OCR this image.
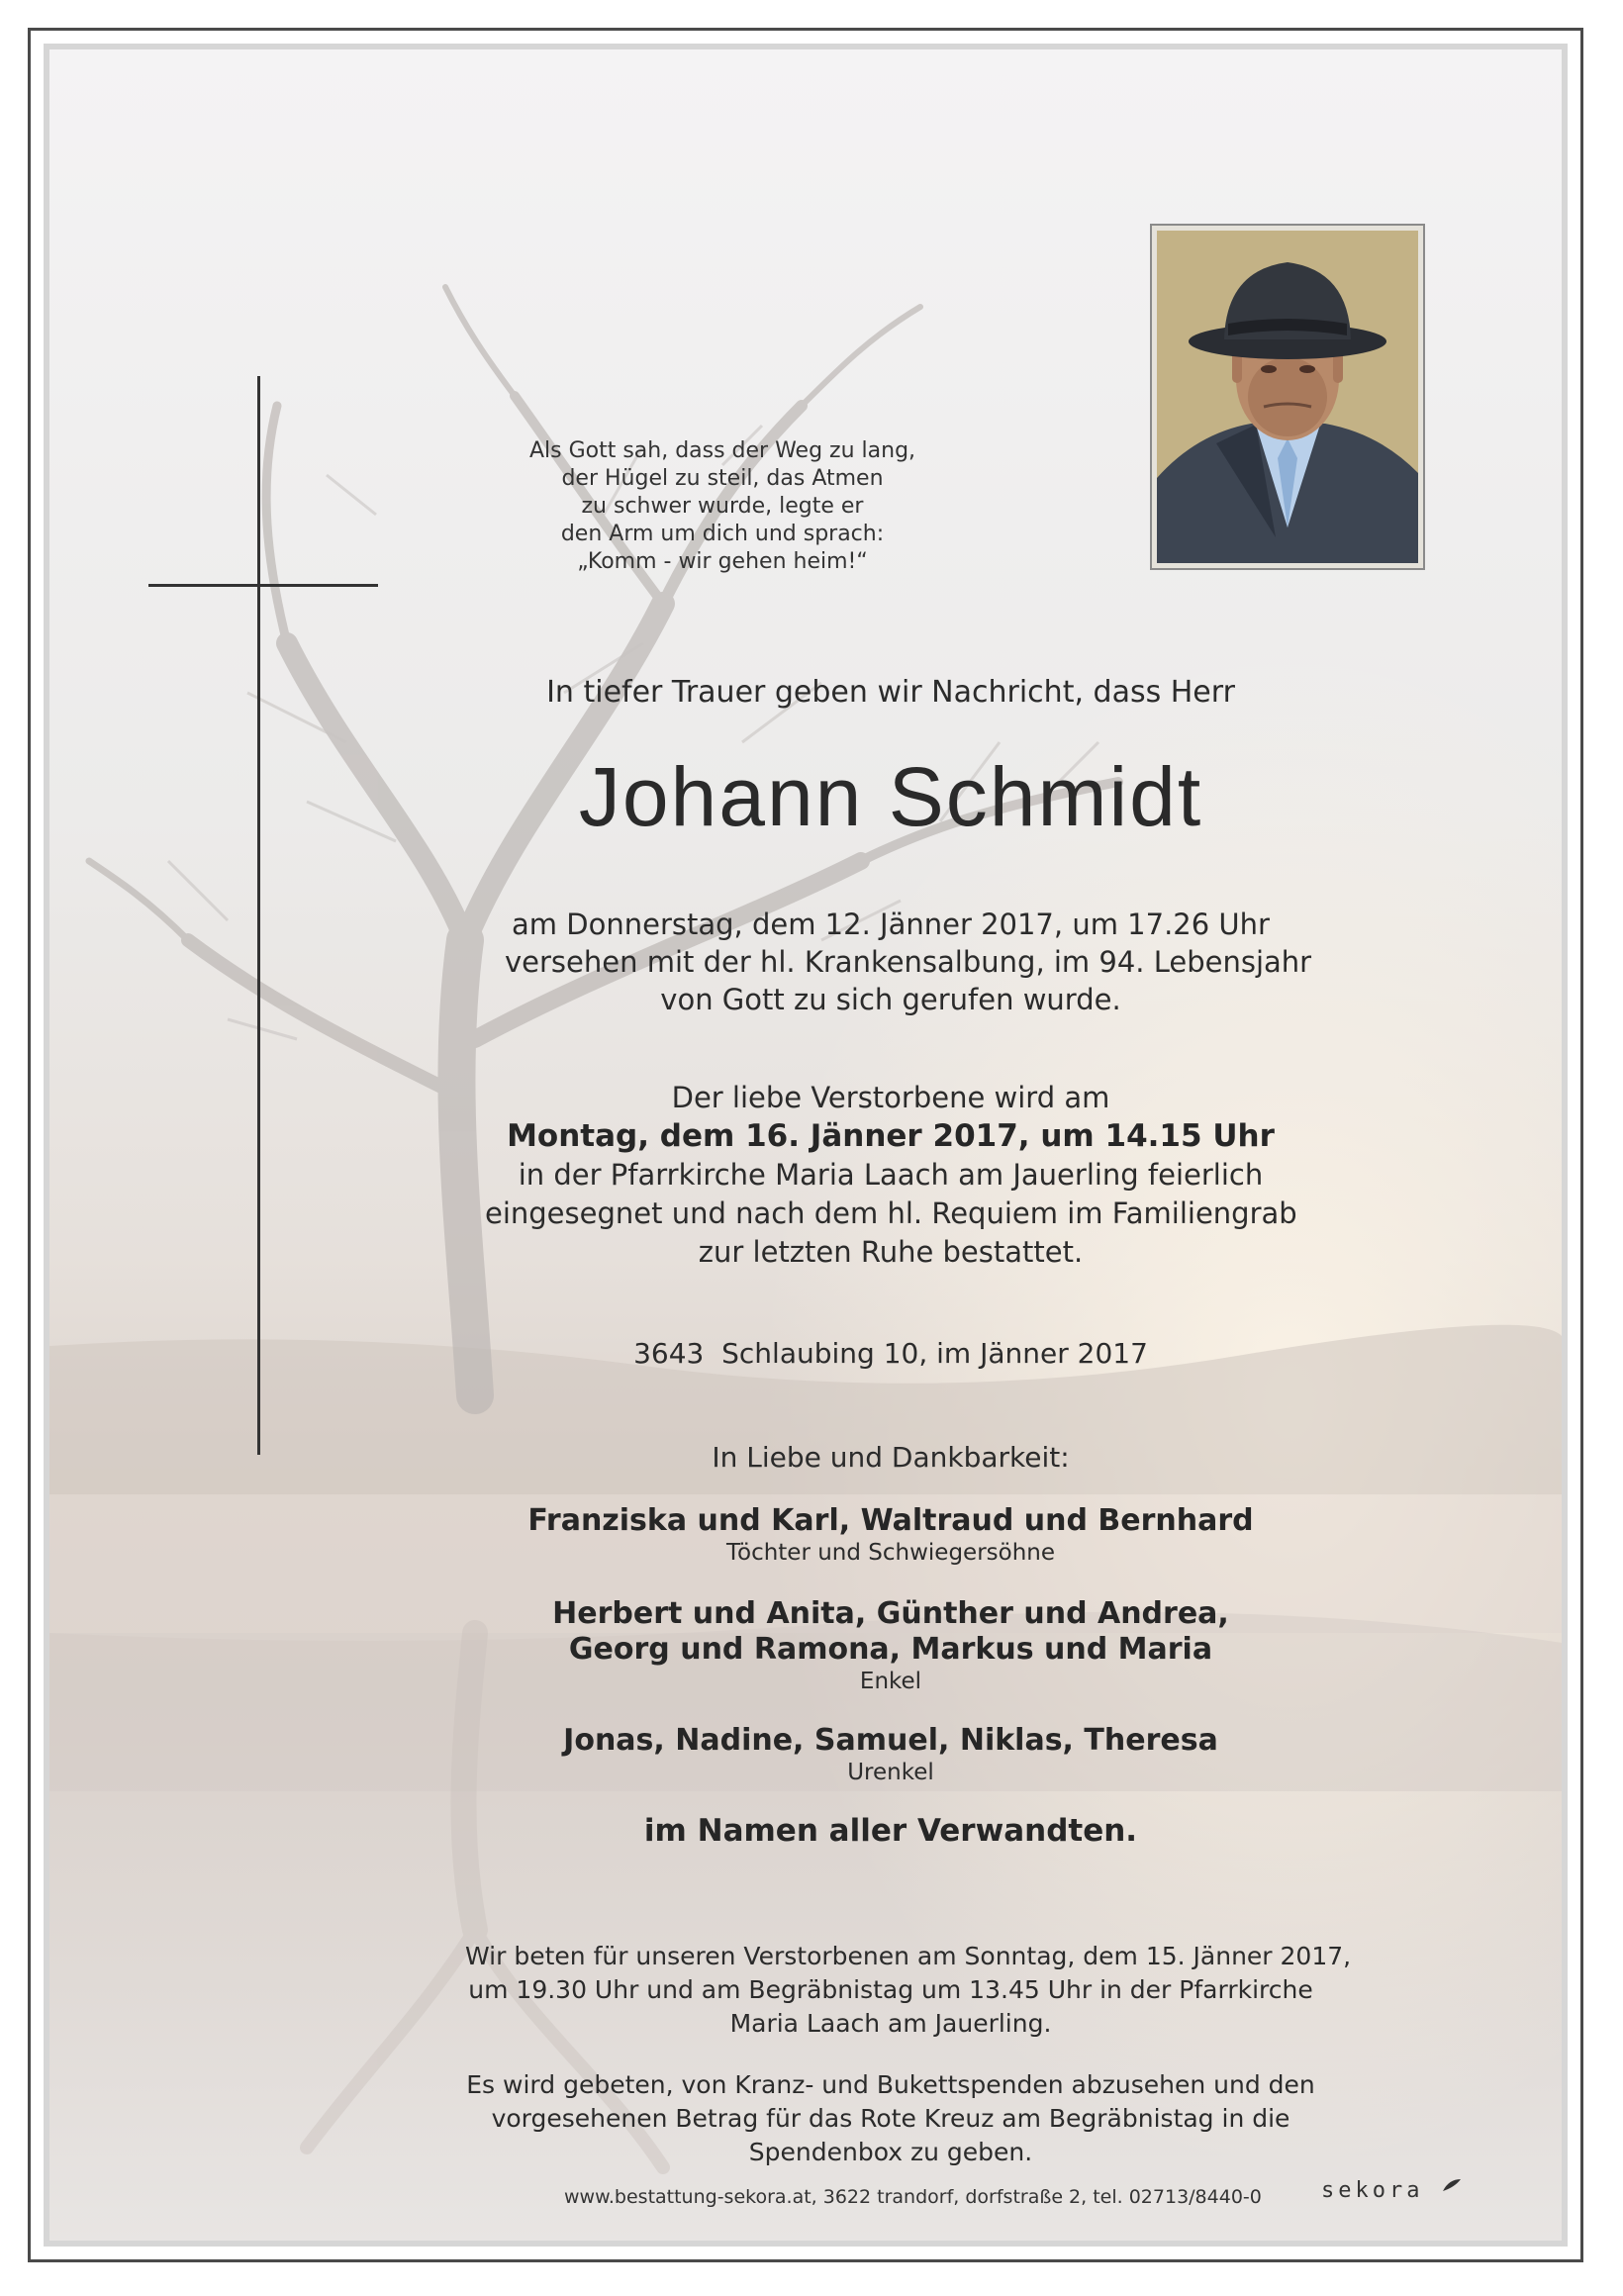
Als Gott sah, dass der Weg zu lang,
der Hügel zu steil, das Atmen
zu schwer wurde, legte er
den Arm um dich und sprach:
„Komm - wir gehen heim!“
In tiefer Trauer geben wir Nachricht, dass Herr
Johann Schmidt
am Donnerstag, dem 12. Jänner 2017, um 17.26 Uhr
versehen mit der hl. Krankensalbung, im 94. Lebensjahr
von Gott zu sich gerufen wurde.
Der liebe Verstorbene wird am
Montag, dem 16. Jänner 2017, um 14.15 Uhr
in der Pfarrkirche Maria Laach am Jauerling feierlich
eingesegnet und nach dem hl. Requiem im Familiengrab
zur letzten Ruhe bestattet.
3643  Schlaubing 10, im Jänner 2017
In Liebe und Dankbarkeit:
Franziska und Karl, Waltraud und Bernhard
Töchter und Schwiegersöhne
Herbert und Anita, Günther und Andrea,
Georg und Ramona, Markus und Maria
Enkel
Jonas, Nadine, Samuel, Niklas, Theresa
Urenkel
im Namen aller Verwandten.
Wir beten für unseren Verstorbenen am Sonntag, dem 15. Jänner 2017,
um 19.30 Uhr und am Begräbnistag um 13.45 Uhr in der Pfarrkirche
Maria Laach am Jauerling.
Es wird gebeten, von Kranz- und Bukettspenden abzusehen und den
vorgesehenen Betrag für das Rote Kreuz am Begräbnistag in die
Spendenbox zu geben.
www.bestattung-sekora.at, 3622 trandorf, dorfstraße 2, tel. 02713/8440-0	sekora
